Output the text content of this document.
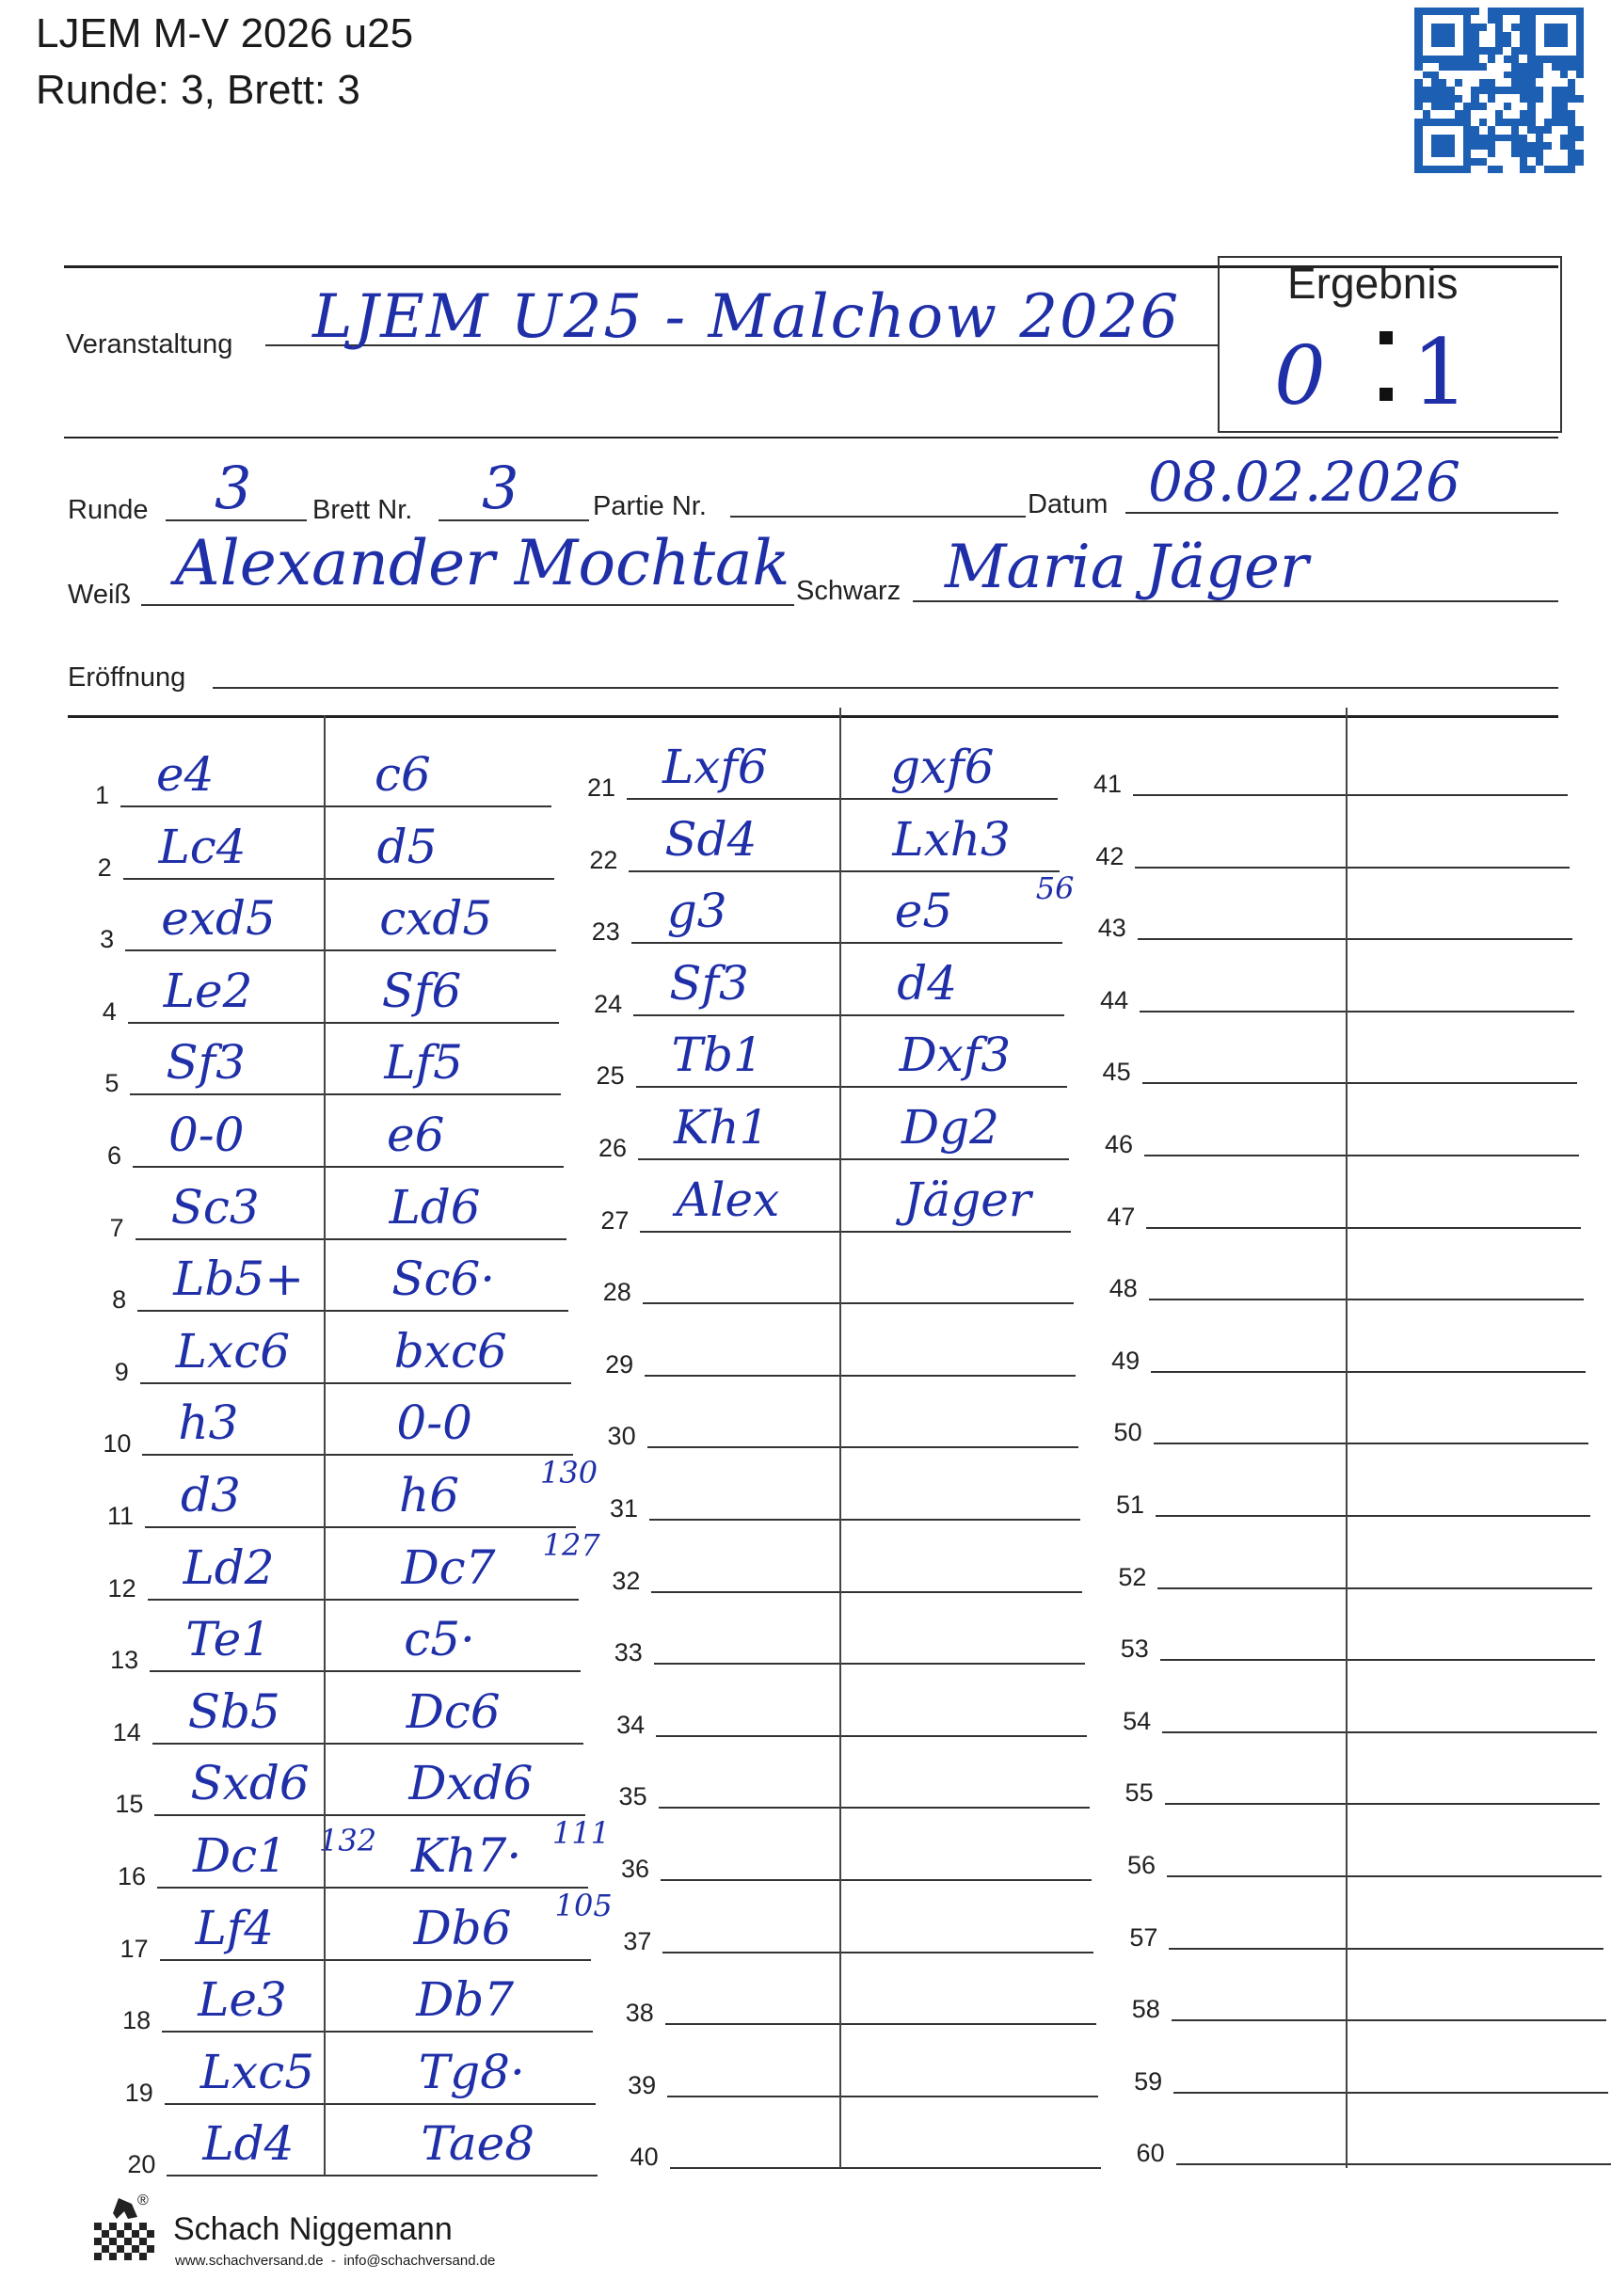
LJEM M-V 2026 u25
Runde: 3, Brett: 3
Veranstaltung LJEM U25 - Malchow 2026 Ergebnis
0 1
Runde 3 Brett Nr. 3	Partie Nr.	Datum 08.02.2026
Weiß Alexander Mochtak Schwarz Maria Jäger
Eröffnung
1 e4	c6
2 Lc4	d5
3 exd5 cxd5
4 Le2	Sf6
5 Sf3	Lf5
6 0-0	e6
7 Sc3	Ld6
8 Lb5+ Sc6·
9 Lxc6 bxc6
10 h3	0-0
11 d3	h6	130
12 Ld2	Dc7 127
13 Te1	c5·
14 Sb5	Dc6
15 Sxd6 Dxd6
16 Dc1 132 Kh7· 111
17 Lf4	Db6 105
18 Le3	Db7
19 Lxc5 Tg8·
20 Ld4	Tae8
21 Lxf6	gxf6
22 Sd4	Lxh3
23 g3	e5	56
24 Sf3	d4
25 Tb1	Dxf3
26 Kh1	Dg2
27 Alex	Jäger
28
29
30
31
32
33
34
35
36
37
38
39
40
41
42
43
44
45
46
47
48
49
50
51
52
53
54
55
56
57
58
59
60
®
Schach Niggemann
www.schachversand.de  -  info@schachversand.de
